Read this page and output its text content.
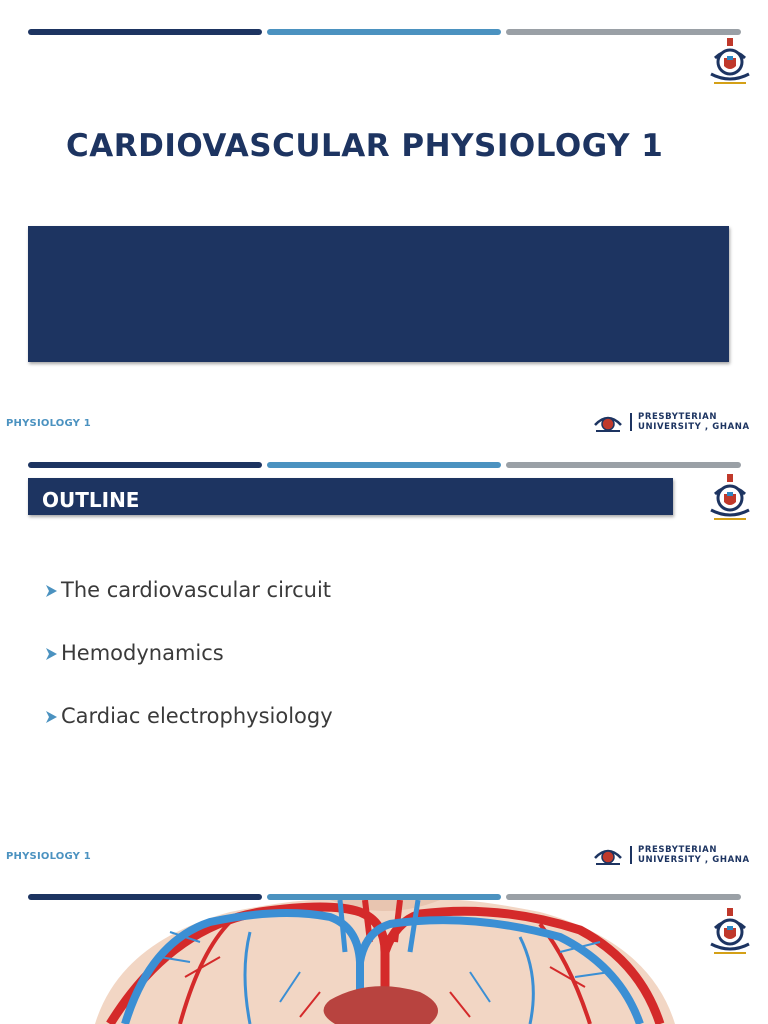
CARDIOVASCULAR PHYSIOLOGY 1
PHYSIOLOGY 1
PRESBYTERIAN
UNIVERSITY , GHANA
OUTLINE
The cardiovascular circuit
Hemodynamics
Cardiac electrophysiology
PHYSIOLOGY 1
PRESBYTERIAN
UNIVERSITY , GHANA
